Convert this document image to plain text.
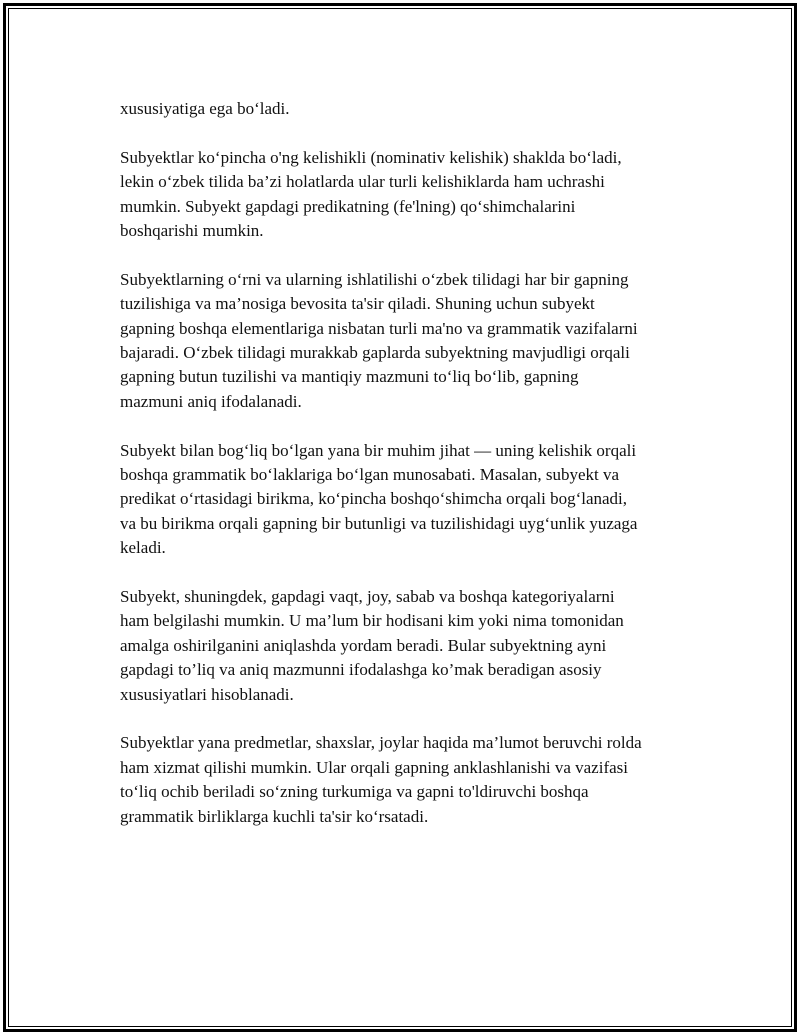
xususiyatiga ega bo‘ladi.

Subyektlar ko‘pincha o'ng kelishikli (nominativ kelishik) shaklda bo‘ladi,
lekin o‘zbek tilida ba’zi holatlarda ular turli kelishiklarda ham uchrashi
mumkin. Subyekt gapdagi predikatning (fe'lning) qo‘shimchalarini
boshqarishi mumkin.

Subyektlarning o‘rni va ularning ishlatilishi o‘zbek tilidagi har bir gapning
tuzilishiga va ma’nosiga bevosita ta'sir qiladi. Shuning uchun subyekt
gapning boshqa elementlariga nisbatan turli ma'no va grammatik vazifalarni
bajaradi. O‘zbek tilidagi murakkab gaplarda subyektning mavjudligi orqali
gapning butun tuzilishi va mantiqiy mazmuni to‘liq bo‘lib, gapning
mazmuni aniq ifodalanadi.

Subyekt bilan bog‘liq bo‘lgan yana bir muhim jihat — uning kelishik orqali
boshqa grammatik bo‘laklariga bo‘lgan munosabati. Masalan, subyekt va
predikat o‘rtasidagi birikma, ko‘pincha boshqo‘shimcha orqali bog‘lanadi,
va bu birikma orqali gapning bir butunligi va tuzilishidagi uyg‘unlik yuzaga
keladi.

Subyekt, shuningdek, gapdagi vaqt, joy, sabab va boshqa kategoriyalarni
ham belgilashi mumkin. U ma’lum bir hodisani kim yoki nima tomonidan
amalga oshirilganini aniqlashda yordam beradi. Bular subyektning ayni
gapdagi to’liq va aniq mazmunni ifodalashga ko’mak beradigan asosiy
xususiyatlari hisoblanadi.

Subyektlar yana predmetlar, shaxslar, joylar haqida ma’lumot beruvchi rolda
ham xizmat qilishi mumkin. Ular orqali gapning anklashlanishi va vazifasi
to‘liq ochib beriladi so‘zning turkumiga va gapni to'ldiruvchi boshqa
grammatik birliklarga kuchli ta'sir ko‘rsatadi.
